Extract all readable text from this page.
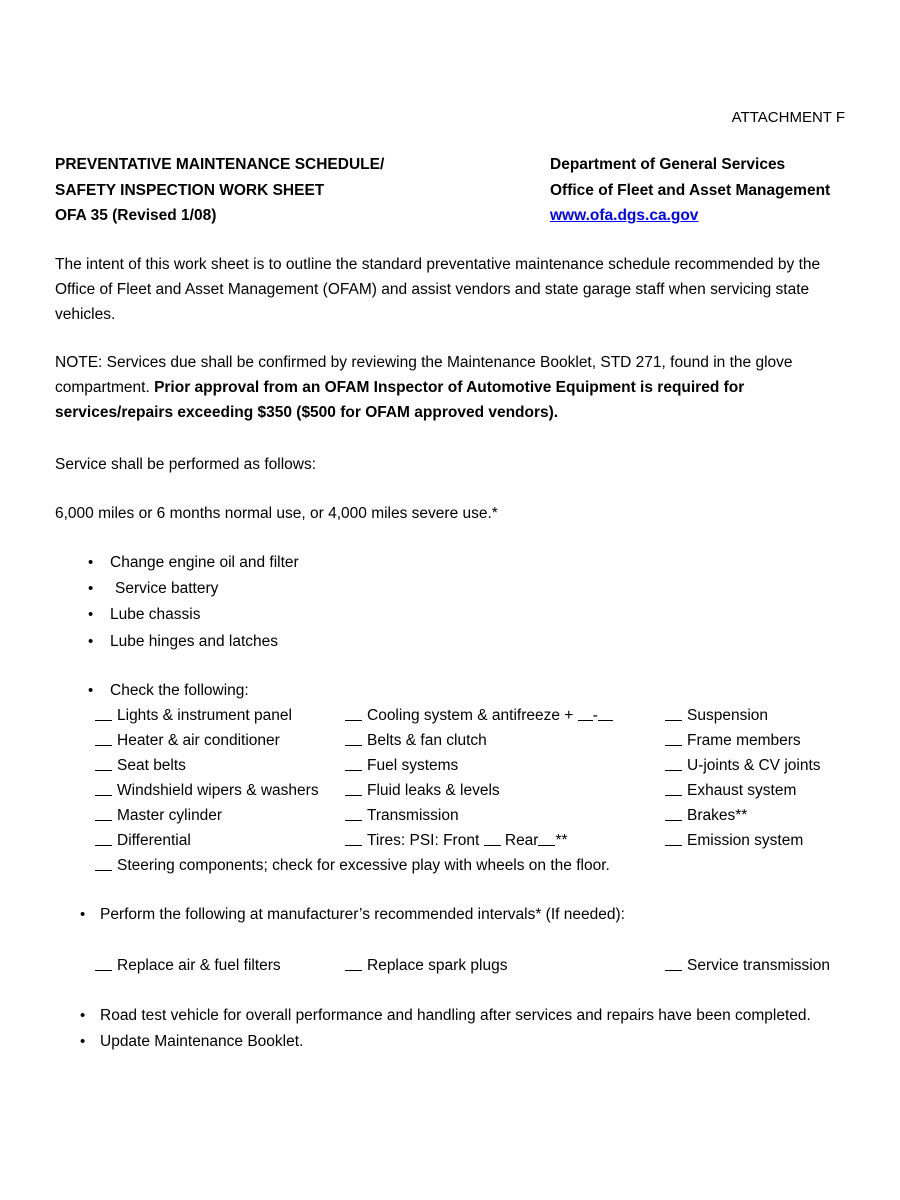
ATTACHMENT F
PREVENTATIVE MAINTENANCE SCHEDULE/
SAFETY INSPECTION WORK SHEET
OFA 35 (Revised 1/08)
Department of General Services
Office of Fleet and Asset Management
www.ofa.dgs.ca.gov
The intent of this work sheet is to outline the standard preventative maintenance schedule recommended by the Office of Fleet and Asset Management (OFAM) and assist vendors and state garage staff when servicing state vehicles.
NOTE: Services due shall be confirmed by reviewing the Maintenance Booklet, STD 271, found in the glove compartment. Prior approval from an OFAM Inspector of Automotive Equipment is required for services/repairs exceeding $350 ($500 for OFAM approved vendors).
Service shall be performed as follows:
6,000 miles or 6 months normal use, or 4,000 miles severe use.*
• Change engine oil and filter
• Service battery
• Lube chassis
• Lube hinges and latches
• Check the following:
Lights & instrument panel	Cooling system & antifreeze + -	Suspension
Heater & air conditioner	Belts & fan clutch	Frame members
Seat belts	Fuel systems	U-joints & CV joints
Windshield wipers & washers	Fluid leaks & levels	Exhaust system
Master cylinder	Transmission	Brakes**
Differential	Tires: PSI: Front  Rear **	Emission system
Steering components; check for excessive play with wheels on the floor.
• Perform the following at manufacturer’s recommended intervals* (If needed):
Replace air & fuel filters	Replace spark plugs	Service transmission
• Road test vehicle for overall performance and handling after services and repairs have been completed.
• Update Maintenance Booklet.
